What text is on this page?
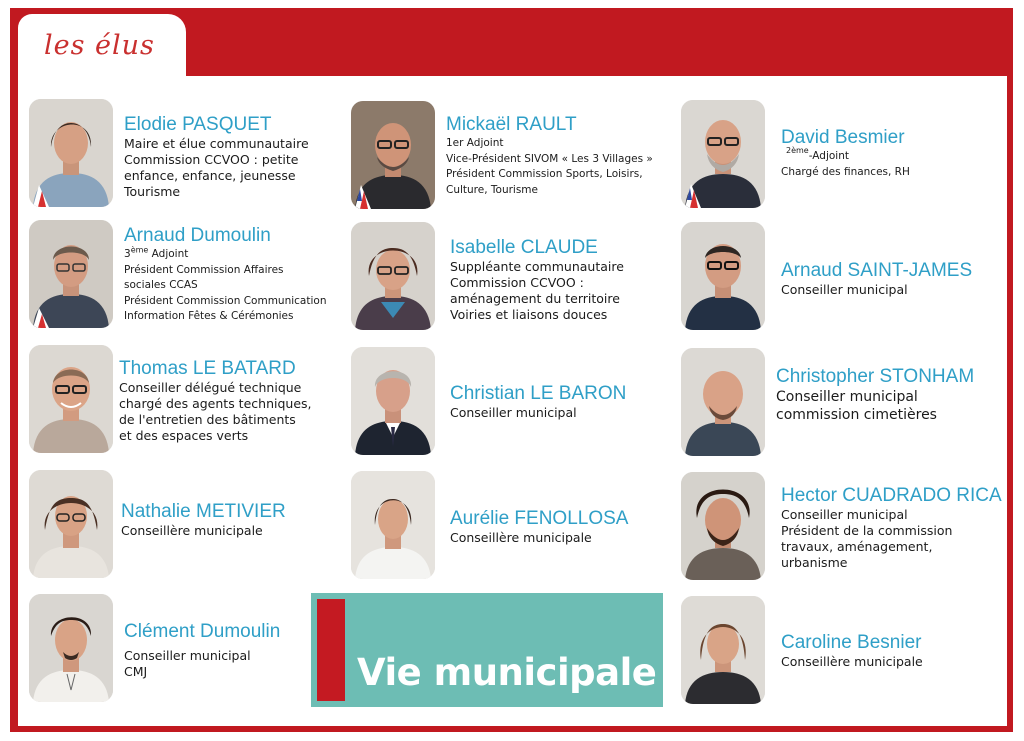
les élus
Elodie PASQUET
Maire et élue communautaire
Commission CCVOO : petite
enfance, enfance, jeunesse
Tourisme
Arnaud Dumoulin
3ème Adjoint
Président Commission Affaires
sociales CCAS
Président Commission Communication
Information Fêtes & Cérémonies
Thomas LE BATARD
Conseiller délégué technique
chargé des agents techniques,
de l'entretien des bâtiments
et des espaces verts
Nathalie METIVIER
Conseillère municipale
Clément Dumoulin
Conseiller municipal
CMJ
Mickaël RAULT
1er Adjoint
Vice-Président SIVOM « Les 3 Villages »
Président Commission Sports, Loisirs,
Culture, Tourisme
Isabelle CLAUDE
Suppléante communautaire
Commission CCVOO :
aménagement du territoire
Voiries et liaisons douces
Christian LE BARON
Conseiller municipal
Aurélie FENOLLOSA
Conseillère municipale
Vie municipale
David Besmier
$^{2ème}$-Adjoint
Chargé des finances, RH
Arnaud SAINT-JAMES
Conseiller municipal
Christopher STONHAM
Conseiller municipal
commission cimetières
Hector CUADRADO RICA
Conseiller municipal
Président de la commission
travaux, aménagement,
urbanisme
Caroline Besnier
Conseillère municipale
